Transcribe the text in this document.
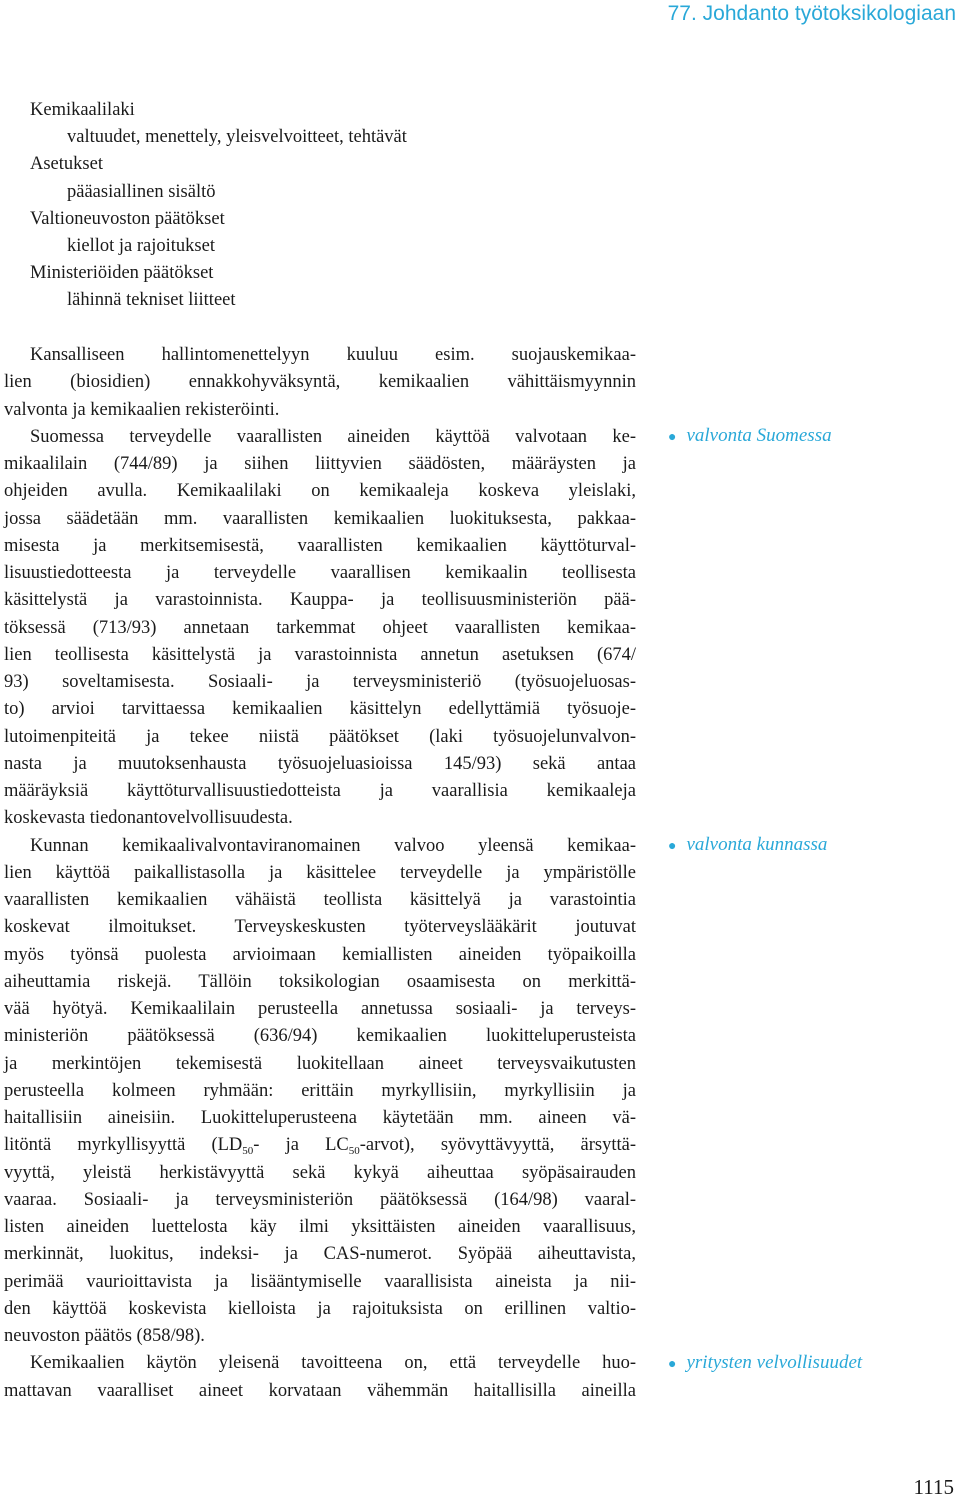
77. Johdanto työtoksikologiaan
Kemikaalilaki
valtuudet, menettely, yleisvelvoitteet, tehtävät
Asetukset
pääasiallinen sisältö
Valtioneuvoston päätökset
kiellot ja rajoitukset
Ministeriöiden päätökset
lähinnä tekniset liitteet
Kansalliseen hallintomenettelyyn kuuluu esim. suojauskemikaa-
lien (biosidien) ennakkohyväksyntä, kemikaalien vähittäismyynnin
valvonta ja kemikaalien rekisteröinti.
Suomessa terveydelle vaarallisten aineiden käyttöä valvotaan ke-
mikaalilain (744/89) ja siihen liittyvien säädösten, määräysten ja
ohjeiden avulla. Kemikaalilaki on kemikaaleja koskeva yleislaki,
jossa säädetään mm. vaarallisten kemikaalien luokituksesta, pakkaa-
misesta ja merkitsemisestä, vaarallisten kemikaalien käyttöturval-
lisuustiedotteesta ja terveydelle vaarallisen kemikaalin teollisesta
käsittelystä ja varastoinnista. Kauppa- ja teollisuusministeriön pää-
töksessä (713/93) annetaan tarkemmat ohjeet vaarallisten kemikaa-
lien teollisesta käsittelystä ja varastoinnista annetun asetuksen (674/
93) soveltamisesta. Sosiaali- ja terveysministeriö (työsuojeluosas-
to) arvioi tarvittaessa kemikaalien käsittelyn edellyttämiä työsuoje-
lutoimenpiteitä ja tekee niistä päätökset (laki työsuojelunvalvon-
nasta ja muutoksenhausta työsuojeluasioissa 145/93) sekä antaa
määräyksiä käyttöturvallisuustiedotteista ja vaarallisia kemikaaleja
koskevasta tiedonantovelvollisuudesta.
Kunnan kemikaalivalvontaviranomainen valvoo yleensä kemikaa-
lien käyttöä paikallistasolla ja käsittelee terveydelle ja ympäristölle
vaarallisten kemikaalien vähäistä teollista käsittelyä ja varastointia
koskevat ilmoitukset. Terveyskeskusten työterveyslääkärit joutuvat
myös työnsä puolesta arvioimaan kemiallisten aineiden työpaikoilla
aiheuttamia riskejä. Tällöin toksikologian osaamisesta on merkittä-
vää hyötyä. Kemikaalilain perusteella annetussa sosiaali- ja terveys-
ministeriön päätöksessä (636/94) kemikaalien luokitteluperusteista
ja merkintöjen tekemisestä luokitellaan aineet terveysvaikutusten
perusteella kolmeen ryhmään: erittäin myrkyllisiin, myrkyllisiin ja
haitallisiin aineisiin. Luokitteluperusteena käytetään mm. aineen vä-
litöntä myrkyllisyyttä ($LD_{50}-$ ja $LC_{50}-arvot$), syövyttävyyttä, ärsyttä-
vyyttä, yleistä herkistävyyttä sekä kykyä aiheuttaa syöpäsairauden
vaaraa. Sosiaali- ja terveysministeriön päätöksessä (164/98) vaaral-
listen aineiden luettelosta käy ilmi yksittäisten aineiden vaarallisuus,
merkinnät, luokitus, indeksi- ja CAS-numerot. Syöpää aiheuttavista,
perimää vaurioittavista ja lisääntymiselle vaarallisista aineista ja nii-
den käyttöä koskevista kielloista ja rajoituksista on erillinen valtio-
neuvoston päätös (858/98).
Kemikaalien käytön yleisenä tavoitteena on, että terveydelle huo-
mattavan vaaralliset aineet korvataan vähemmän haitallisilla aineilla
● valvonta Suomessa
● valvonta kunnassa
● yritysten velvollisuudet
1115
